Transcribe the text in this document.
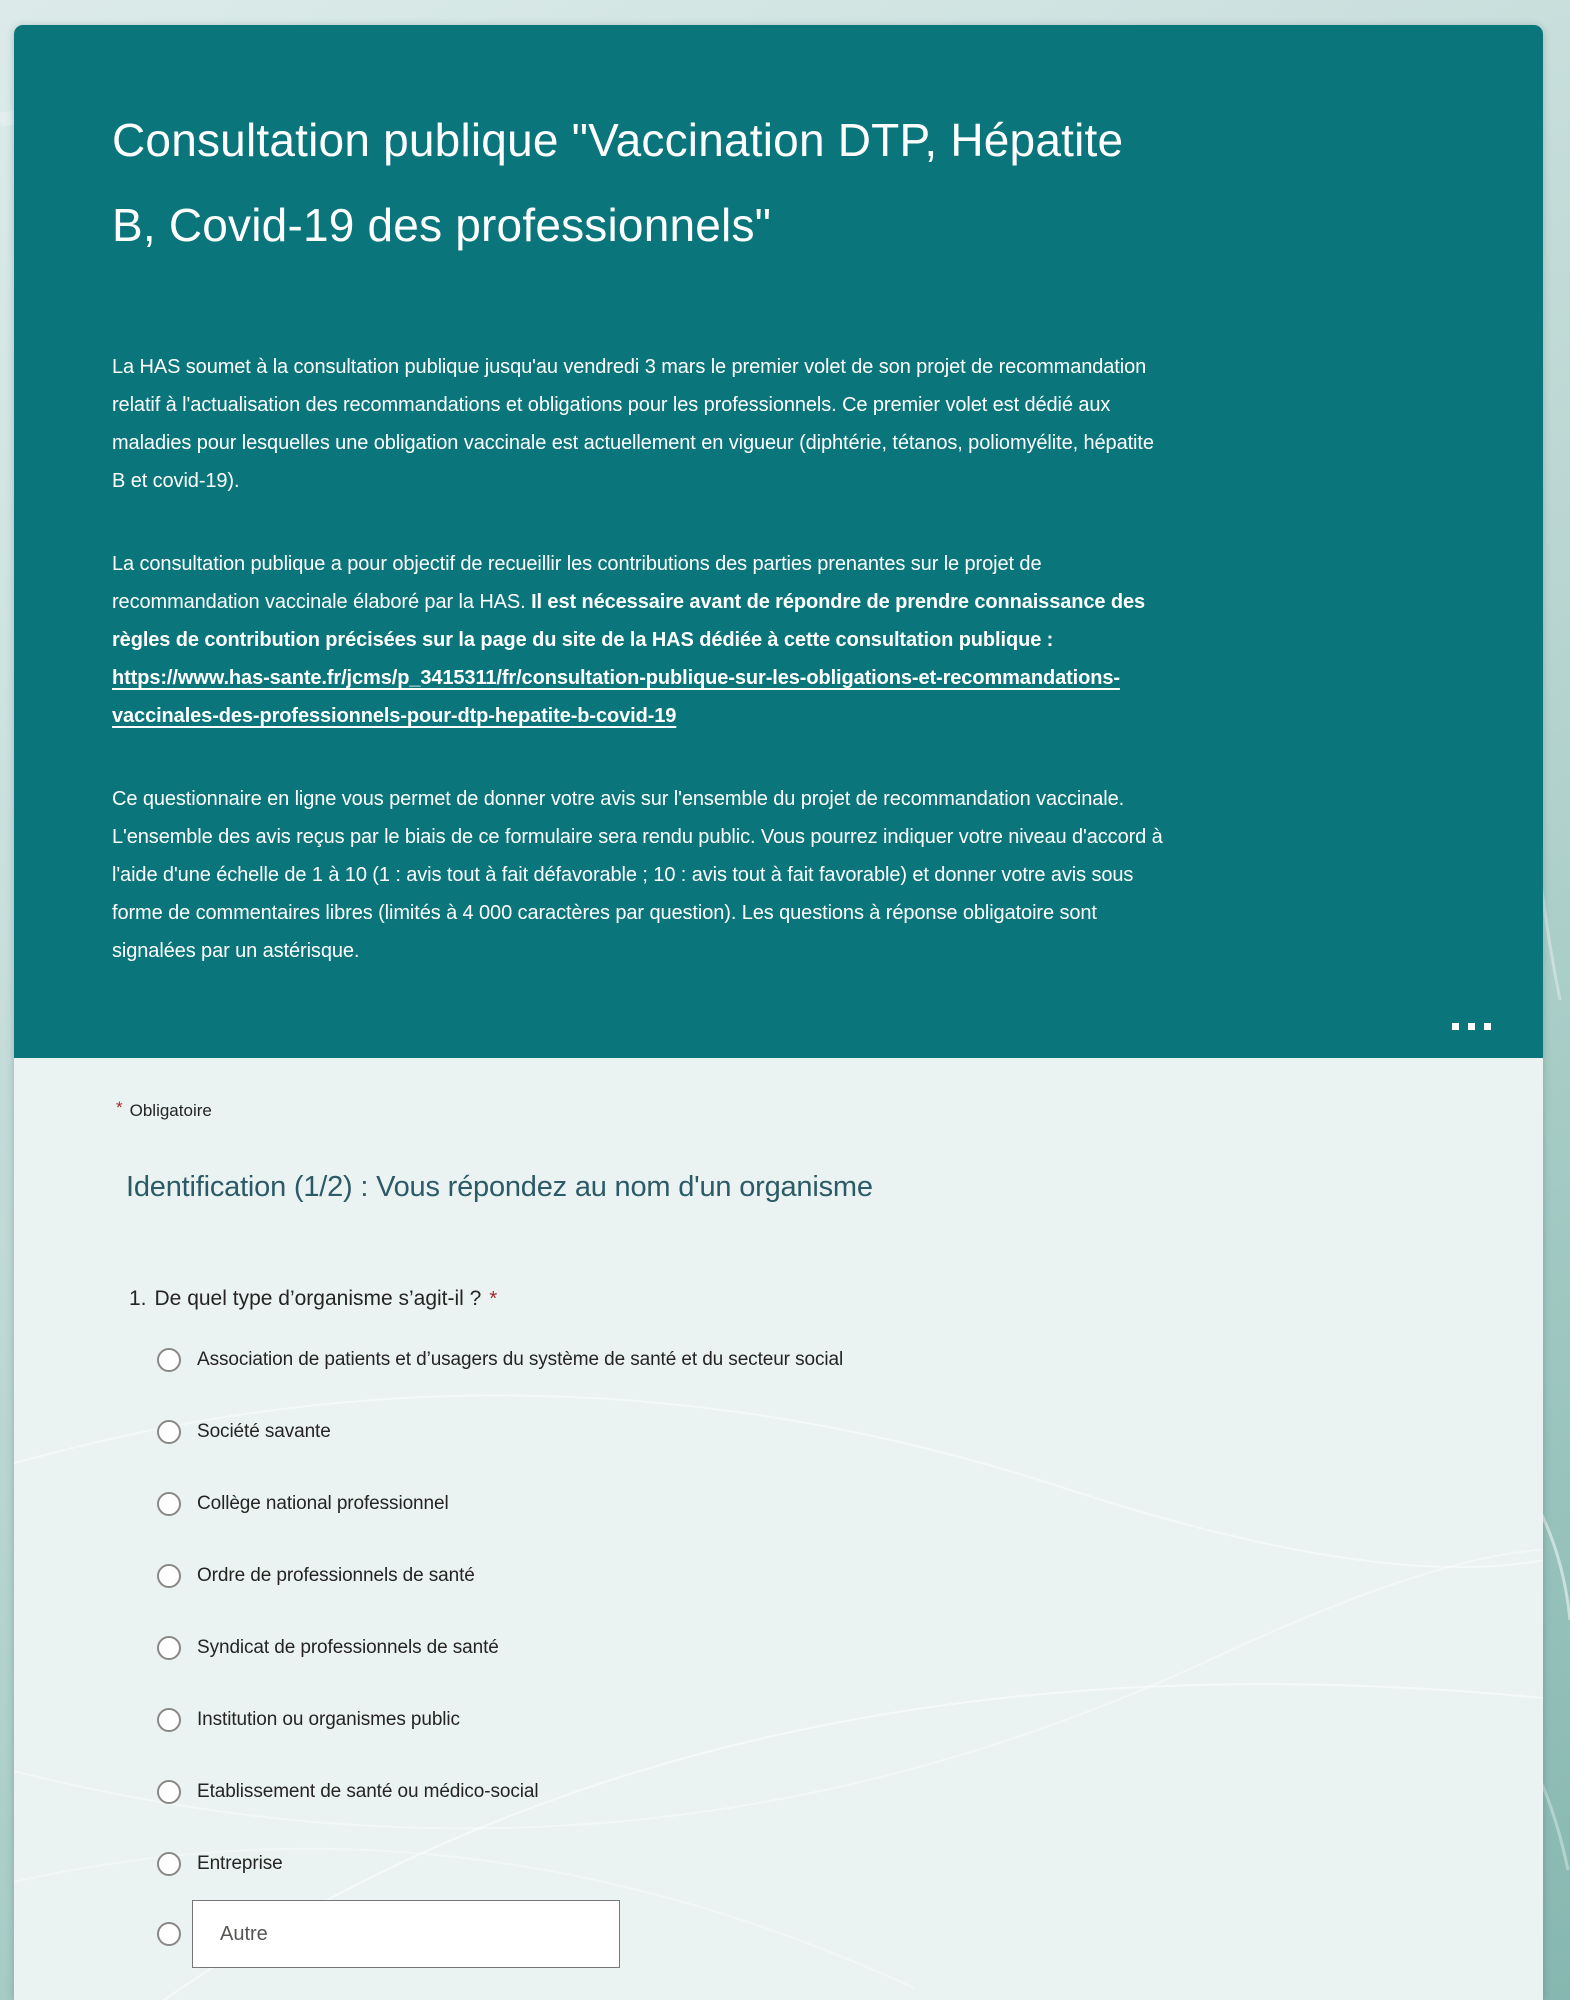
Consultation publique "Vaccination DTP, Hépatite B, Covid-19 des professionnels"

La HAS soumet à la consultation publique jusqu'au vendredi 3 mars le premier volet de son projet de recommandation relatif à l'actualisation des recommandations et obligations pour les professionnels. Ce premier volet est dédié aux maladies pour lesquelles une obligation vaccinale est actuellement en vigueur (diphtérie, tétanos, poliomyélite, hépatite B et covid-19).

La consultation publique a pour objectif de recueillir les contributions des parties prenantes sur le projet de recommandation vaccinale élaboré par la HAS. Il est nécessaire avant de répondre de prendre connaissance des règles de contribution précisées sur la page du site de la HAS dédiée à cette consultation publique : https://www.has-sante.fr/jcms/p_3415311/fr/consultation-publique-sur-les-obligations-et-recommandations-vaccinales-des-professionnels-pour-dtp-hepatite-b-covid-19

Ce questionnaire en ligne vous permet de donner votre avis sur l'ensemble du projet de recommandation vaccinale. L'ensemble des avis reçus par le biais de ce formulaire sera rendu public. Vous pourrez indiquer votre niveau d'accord à l'aide d'une échelle de 1 à 10 (1 : avis tout à fait défavorable ; 10 : avis tout à fait favorable) et donner votre avis sous forme de commentaires libres (limités à 4 000 caractères par question). Les questions à réponse obligatoire sont signalées par un astérisque.

* Obligatoire
Identification (1/2) : Vous répondez au nom d'un organisme
1. De quel type d’organisme s’agit-il ? *
Association de patients et d’usagers du système de santé et du secteur social
Société savante
Collège national professionnel
Ordre de professionnels de santé
Syndicat de professionnels de santé
Institution ou organismes public
Etablissement de santé ou médico-social
Entreprise
Autre
